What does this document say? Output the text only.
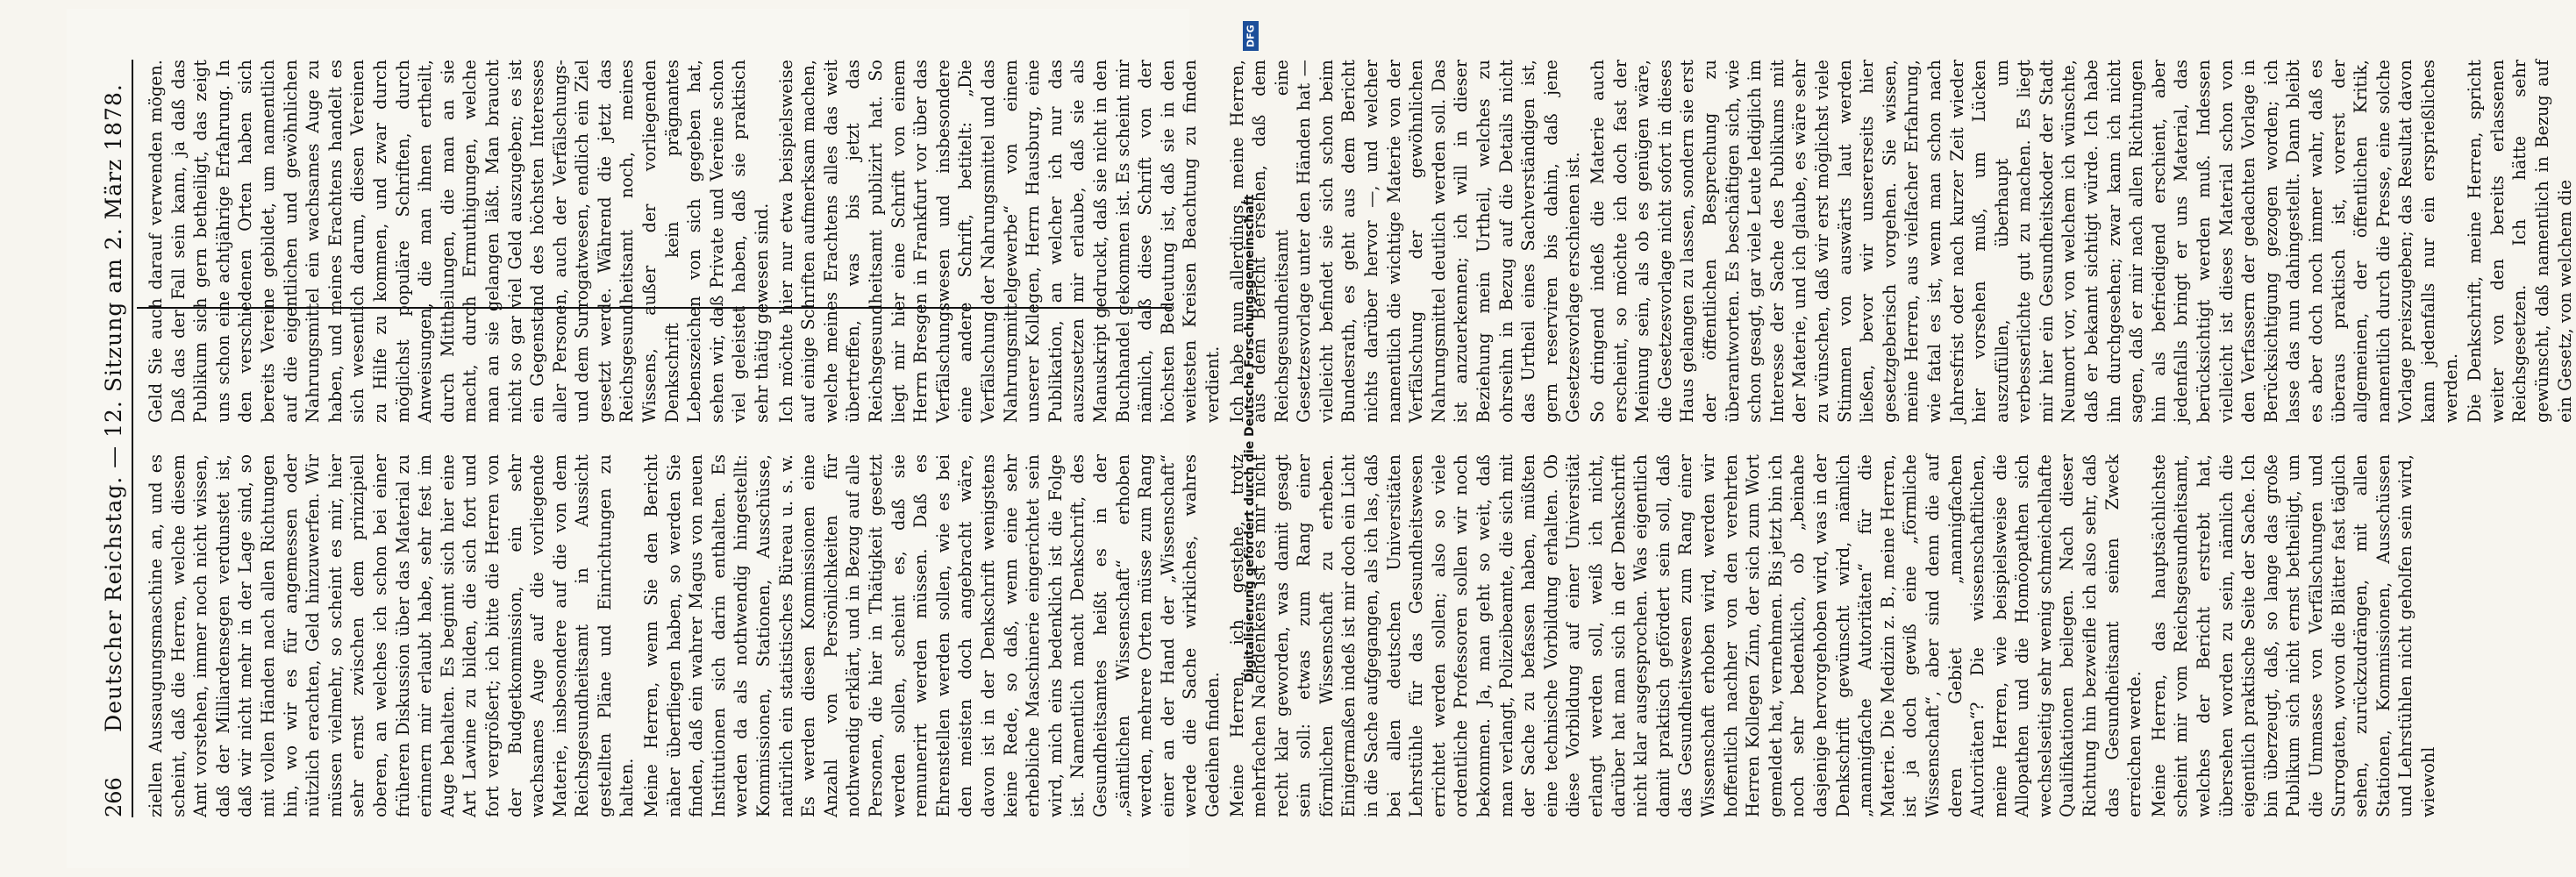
266
Deutscher Reichstag. — 12. Sitzung am 2. März 1878. ziellen Aussaugungsmaschine an, und es scheint, daß die Herren, welche diesem Amt vorstehen, immer noch nicht wissen, daß der Milliardensegen verdunstet ist, daß wir nicht mehr in der Lage sind, so mit vollen Händen nach allen Richtungen hin, wo wir es für angemessen oder nützlich erachten, Geld hinzuwerfen. Wir müssen vielmehr, so scheint es mir, hier sehr ernst zwischen dem prinzipiell oberen, an welches ich schon bei einer früheren Diskussion über das Material zu erinnern mir erlaubt habe, sehr fest im Auge behalten. Es beginnt sich hier eine Art Lawine zu bilden, die sich fort und fort vergrößert; ich bitte die Herren von der Budgetkommission, ein sehr wachsames Auge auf die vorliegende Materie, insbesondere auf die von dem Reichsgesundheitsamt in Aussicht gestellten Pläne und Einrichtungen zu halten. Meine Herren, wenn Sie den Bericht näher überfliegen haben, so werden Sie finden, daß ein wahrer Magus von neuen Institutionen sich darin enthalten. Es werden da als nothwendig hingestellt: Kommissionen, Stationen, Ausschüsse, natürlich ein statistisches Büreau u. s. w. Es werden diesen Kommissionen eine Anzahl von Persönlichkeiten für nothwendig erklärt, und in Bezug auf alle Personen, die hier in Thätigkeit gesetzt werden sollen, scheint es, daß sie remunerirt werden müssen. Daß es Ehrenstellen werden sollen, wie es bei den meisten doch angebracht wäre, davon ist in der Denkschrift wenigstens keine Rede, so daß, wenn eine sehr erhebliche Maschinerie eingerichtet sein wird, mich eins bedenklich ist die Folge ist. Namentlich macht Denkschrift, des Gesundheitsamtes heißt es in der „sämtlichen Wissenschaft“ erhoben werden, mehrere Orten müsse zum Rang einer an der Hand der „Wissenschaft“ werde die Sache wirkliches, wahres Gedeihen finden. Meine Herren, ich gestehe, trotz mehrfachen Nachdenkens ist es mir nicht recht klar geworden, was damit gesagt sein soll: etwas zum Rang einer förmlichen Wissenschaft zu erheben. Einigermaßen indeß ist mir doch ein Licht in die Sache aufgegangen, als ich las, daß bei allen deutschen Universitäten Lehrstühle für das Gesundheitswesen errichtet werden sollen; also so viele ordentliche Professoren sollen wir noch bekommen. Ja, man geht so weit, daß man verlangt, Polizeibeamte, die sich mit der Sache zu befassen haben, müßten eine technische Vorbildung erhalten. Ob diese Vorbildung auf einer Universität erlangt werden soll, weiß ich nicht, darüber hat man sich in der Denkschrift nicht klar ausgesprochen. Was eigentlich damit praktisch gefördert sein soll, daß das Gesundheitswesen zum Rang einer Wissenschaft erhoben wird, werden wir hoffentlich nachher von den verehrten Herren Kollegen Zinn, der sich zum Wort gemeldet hat, vernehmen. Bis jetzt bin ich noch sehr bedenklich, ob „beinahe dasjenige hervorgehoben wird, was in der Denkschrift gewünscht wird, nämlich „mannigfache Autoritäten“ für die Materie. Die Medizin z. B., meine Herren, ist ja doch gewiß eine „förmliche Wissenschaft“, aber sind denn die auf deren Gebiet „mannigfachen Autoritäten“? Die wissenschaftlichen, meine Herren, wie beispielsweise die Allopathen und die Homöopathen sich wechselseitig sehr wenig schmeichelhafte Qualifikationen beilegen. Nach dieser Richtung hin bezweifle ich also sehr, daß das Gesundheitsamt seinen Zweck erreichen werde. Meine Herren, das hauptsächlichste scheint mir vom Reichsgesundheitsamt, welches der Bericht erstrebt hat, übersehen worden zu sein, nämlich die eigentlich praktische Seite der Sache. Ich bin überzeugt, daß, so lange das große Publikum sich nicht ernst betheiligt, um die Ummasse von Verfälschungen und Surrogaten, wovon die Blätter fast täglich sehen, zurückzudrängen, mit allen Stationen, Kommissionen, Ausschüssen und Lehrstühlen nicht geholfen sein wird, wiewohl

Geld Sie auch darauf verwenden mögen. Daß das der Fall sein kann, ja daß das Publikum sich gern betheiligt, das zeigt uns schon eine achtjährige Erfahrung. In den verschiedenen Orten haben sich bereits Vereine gebildet, um namentlich auf die eigentlichen und gewöhnlichen Nahrungsmittel ein wachsames Auge zu haben, und meines Erachtens handelt es sich wesentlich darum, diesen Vereinen zu Hilfe zu kommen, und zwar durch möglichst populäre Schriften, durch Anweisungen, die man ihnen ertheilt, durch Mittheilungen, die man an sie macht, durch Ermuthigungen, welche man an sie gelangen läßt. Man braucht nicht so gar viel Geld auszugeben; es ist ein Gegenstand des höchsten Interesses aller Personen, auch der Verfälschungs- und dem Surrogatwesen, endlich ein Ziel gesetzt werde. Während die jetzt das Reichsgesundheitsamt noch, meines Wissens, außer der vorliegenden Denkschrift kein prägnantes Lebenszeichen von sich gegeben hat, sehen wir, daß Private und Vereine schon viel geleistet haben, daß sie praktisch sehr thätig gewesen sind. Ich möchte hier nur etwa beispielsweise auf einige Schriften aufmerksam machen, welche meines Erachtens alles das weit übertreffen, was bis jetzt das Reichsgesundheitsamt publizirt hat. So liegt mir hier eine Schrift von einem Herrn Bresgen in Frankfurt vor über das Verfälschungswesen und insbesondere eine andere Schrift, betitelt: „Die Verfälschung der Nahrungsmittel und das Nahrungsmittelgewerbe“ von einem unserer Kollegen, Herrn Hausburg, eine Publikation, an welcher ich nur das auszusetzen mir erlaube, daß sie als Manuskript gedruckt, daß sie nicht in den Buchhandel gekommen ist. Es scheint mir nämlich, daß diese Schrift von der höchsten Bedeutung ist, daß sie in den weitesten Kreisen Beachtung zu finden verdient. Ich habe nun allerdings, meine Herren, aus dem Bericht ersehen, daß dem Reichsgesundheitsamt eine Gesetzesvorlage unter den Händen hat — vielleicht befindet sie sich schon beim Bundesrath, es geht aus dem Bericht nichts darüber hervor —, und welcher namentlich die wichtige Materie von der Verfälschung der gewöhnlichen Nahrungsmittel deutlich werden soll. Das ist anzuerkennen; ich will in dieser Beziehung mein Urtheil, welches zu ohrseihn in Bezug auf die Details nicht das Urtheil eines Sachverständigen ist, gern reserviren bis dahin, daß jene Gesetzesvorlage erschienen ist. So dringend indeß die Materie auch erscheint, so möchte ich doch fast der Meinung sein, als ob es genügen wäre, die Gesetzesvorlage nicht sofort in dieses Haus gelangen zu lassen, sondern sie erst der öffentlichen Besprechung zu überantworten. Es beschäftigen sich, wie schon gesagt, gar viele Leute lediglich im Interesse der Sache des Publikums mit der Materie, und ich glaube, es wäre sehr zu wünschen, daß wir erst möglichst viele Stimmen von auswärts laut werden ließen, bevor wir unsererseits hier gesetzgeberisch vorgehen. Sie wissen, meine Herren, aus vielfacher Erfahrung, wie fatal es ist, wenn man schon nach Jahresfrist oder nach kurzer Zeit wieder hier vorsehen muß, um Lücken auszufüllen, überhaupt um verbesserlichte gut zu machen. Es liegt mir hier ein Gesundheitskoder der Stadt Neumort vor, von welchem ich wünschte, daß er bekannt sichtigt würde. Ich habe ihn durchgesehen; zwar kann ich nicht sagen, daß er mir nach allen Richtungen hin als befriedigend erschient, aber jedenfalls bringt er uns Material, das berücksichtigt werden muß. Indessen vielleicht ist dieses Material schon von den Verfassern der gedachten Vorlage in Berücksichtigung gezogen worden; ich lasse das nun dahingestellt. Dann bleibt es aber doch noch immer wahr, daß es überaus praktisch ist, vorerst der allgemeinen, der öffentlichen Kritik, namentlich durch die Presse, eine solche Vorlage preiszugeben; das Resultat davon kann jedenfalls nur ein ersprießliches werden. Die Denkschrift, meine Herren, spricht weiter von den bereits erlassenen Reichsgesetzen. Ich hätte sehr gewünscht, daß namentlich in Bezug auf ein Gesetz, von welchem die

DFG
Digitalisierung gefördert durch die Deutsche Forschungsgemeinschaft
